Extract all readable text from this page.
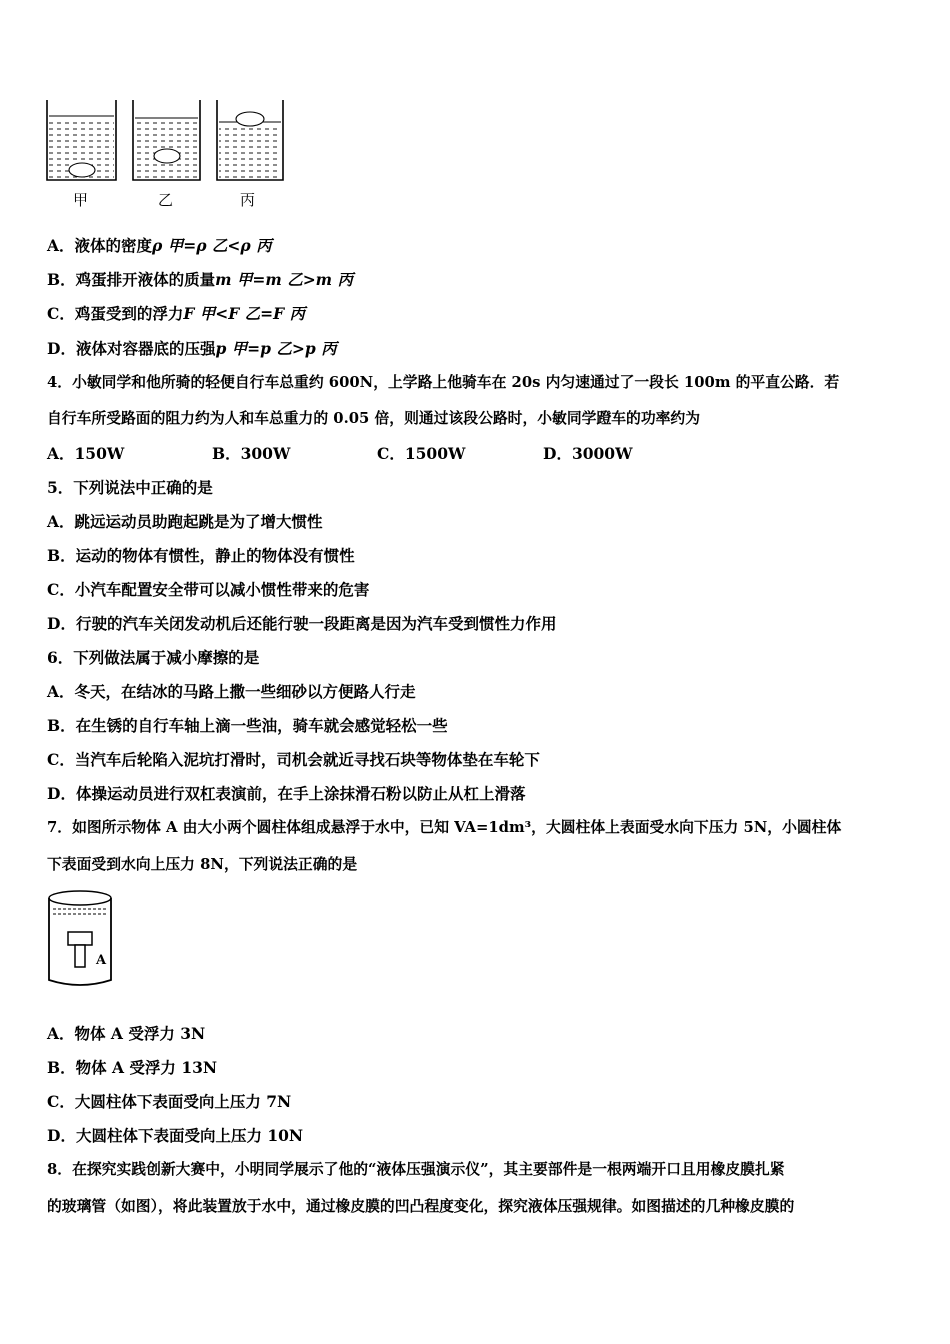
甲	乙	丙
A．液体的密度ρ 甲=ρ 乙<ρ 丙
B．鸡蛋排开液体的质量m 甲=m 乙>m 丙
C．鸡蛋受到的浮力F 甲<F 乙=F 丙
D．液体对容器底的压强p 甲=p 乙>p 丙
4．小敏同学和他所骑的轻便自行车总重约 600N，上学路上他骑车在 20s 内匀速通过了一段长 100m 的平直公路．若
自行车所受路面的阻力约为人和车总重力的 0.05 倍，则通过该段公路时，小敏同学蹬车的功率约为
A．150W	B．300W	C．1500W	D．3000W
5．下列说法中正确的是
A．跳远运动员助跑起跳是为了增大惯性
B．运动的物体有惯性，静止的物体没有惯性
C．小汽车配置安全带可以减小惯性带来的危害
D．行驶的汽车关闭发动机后还能行驶一段距离是因为汽车受到惯性力作用
6．下列做法属于减小摩擦的是
A．冬天，在结冰的马路上撒一些细砂以方便路人行走
B．在生锈的自行车轴上滴一些油，骑车就会感觉轻松一些
C．当汽车后轮陷入泥坑打滑时，司机会就近寻找石块等物体垫在车轮下
D．体操运动员进行双杠表演前，在手上涂抹滑石粉以防止从杠上滑落
7．如图所示物体 A 由大小两个圆柱体组成悬浮于水中，已知 VA=1dm³，大圆柱体上表面受水向下压力 5N，小圆柱体
下表面受到水向上压力 8N，下列说法正确的是
A
A．物体 A 受浮力 3N
B．物体 A 受浮力 13N
C．大圆柱体下表面受向上压力 7N
D．大圆柱体下表面受向上压力 10N
8．在探究实践创新大赛中，小明同学展示了他的“液体压强演示仪”，其主要部件是一根两端开口且用橡皮膜扎紧
的玻璃管（如图），将此装置放于水中，通过橡皮膜的凹凸程度变化，探究液体压强规律。如图描述的几种橡皮膜的
